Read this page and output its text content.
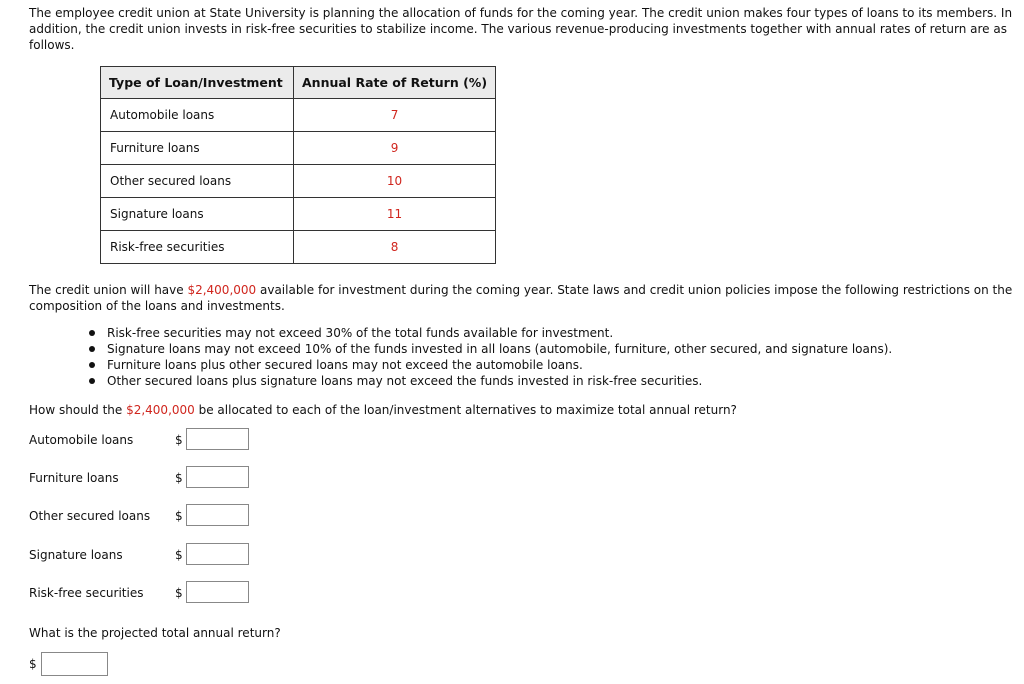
The employee credit union at State University is planning the allocation of funds for the coming year. The credit union makes four types of loans to its members. In addition, the credit union invests in risk-free securities to stabilize income. The various revenue-producing investments together with annual rates of return are as follows.

Type of Loan/Investment	Annual Rate of Return (%)
Automobile loans	7
Furniture loans	9
Other secured loans	10
Signature loans	11
Risk-free securities	8

The credit union will have $2,400,000 available for investment during the coming year. State laws and credit union policies impose the following restrictions on the composition of the loans and investments.

Risk-free securities may not exceed 30% of the total funds available for investment.
Signature loans may not exceed 10% of the funds invested in all loans (automobile, furniture, other secured, and signature loans).
Furniture loans plus other secured loans may not exceed the automobile loans.
Other secured loans plus signature loans may not exceed the funds invested in risk-free securities.

How should the $2,400,000 be allocated to each of the loan/investment alternatives to maximize total annual return?

Automobile loans	$
Furniture loans	$
Other secured loans $
Signature loans	$
Risk-free securities	$
What is the projected total annual return?
$
